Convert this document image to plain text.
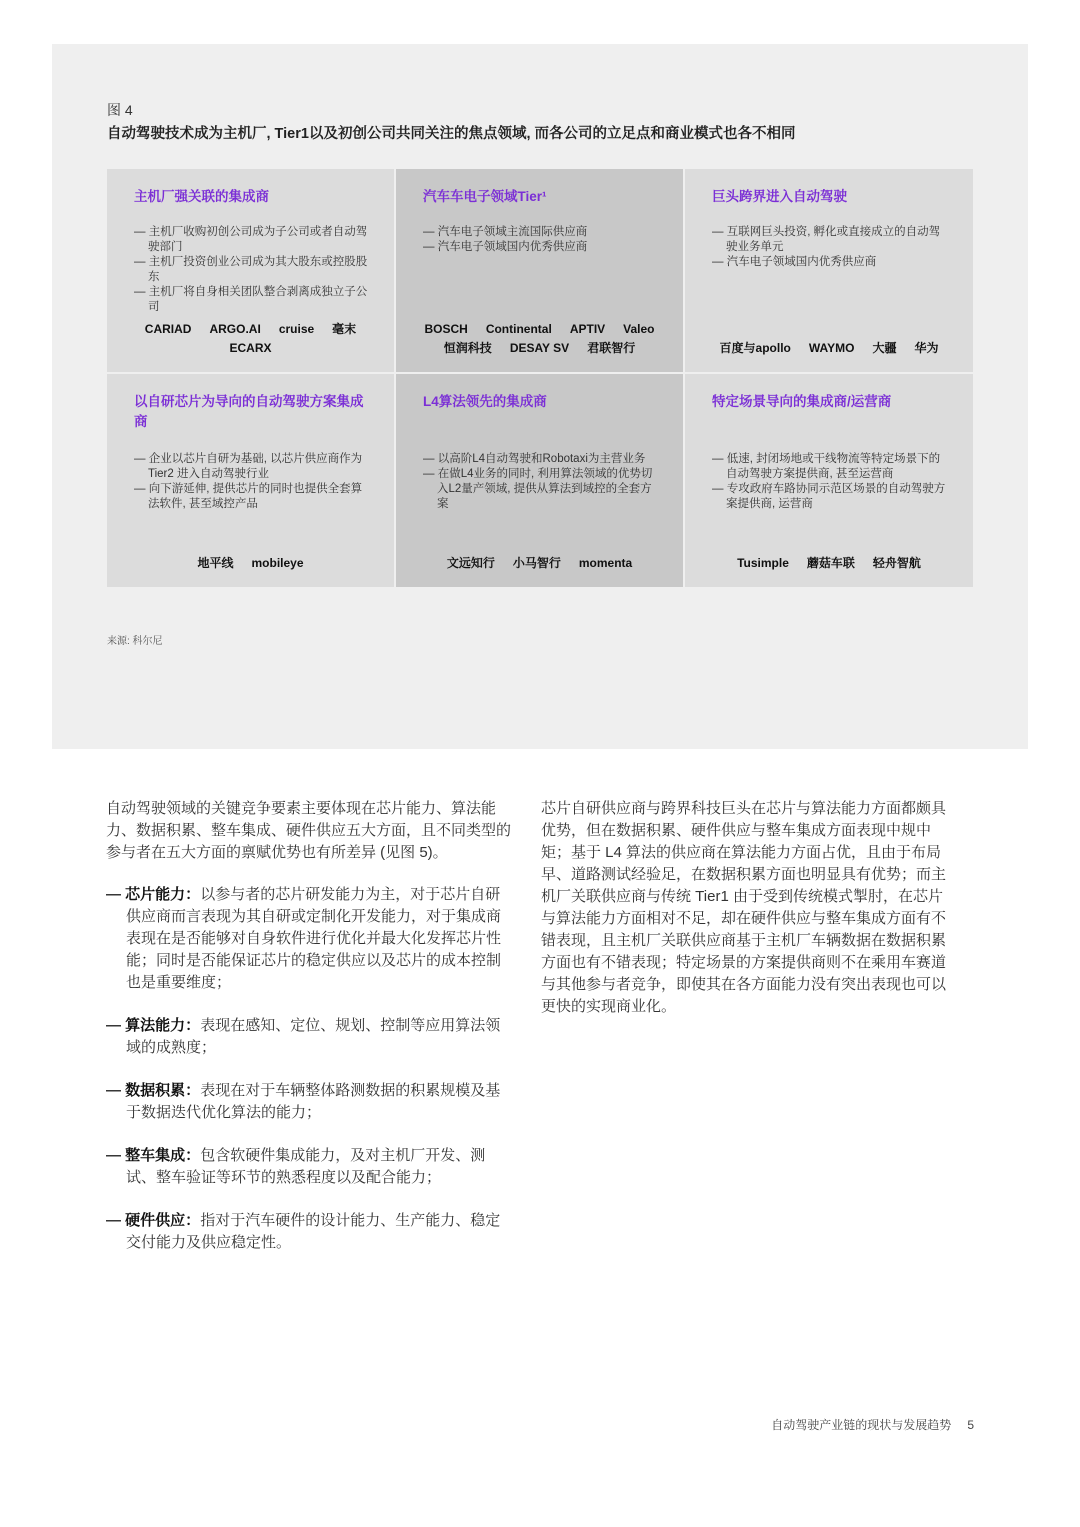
图 4
自动驾驶技术成为主机厂, Tier1以及初创公司共同关注的焦点领域, 而各公司的立足点和商业模式也各不相同
主机厂强关联的集成商
— 主机厂收购初创公司成为子公司或者自动驾驶部门
— 主机厂投资创业公司成为其大股东或控股股东
— 主机厂将自身相关团队整合剥离成独立子公司
CARIAD ARGO.AI cruise 毫末ECARX
汽车车电子领域Tier¹
— 汽车电子领域主流国际供应商
— 汽车电子领域国内优秀供应商
BOSCH Continental APTIV Valeo
恒润科技 DESAY SV 君联智行
巨头跨界进入自动驾驶
— 互联网巨头投资, 孵化或直接成立的自动驾驶业务单元
— 汽车电子领域国内优秀供应商
百度与apollo WAYMO 大疆 华为
以自研芯片为导向的自动驾驶方案集成商
— 企业以芯片自研为基础, 以芯片供应商作为Tier2 进入自动驾驶行业
— 向下游延伸, 提供芯片的同时也提供全套算法软件, 甚至域控产品
地平线 mobileye
L4算法领先的集成商
— 以高阶L4自动驾驶和Robotaxi为主营业务
— 在做L4业务的同时, 利用算法领域的优势切入L2量产领域, 提供从算法到域控的全套方案
文远知行 小马智行 momenta
特定场景导向的集成商/运营商
— 低速, 封闭场地或干线物流等特定场景下的自动驾驶方案提供商, 甚至运营商
— 专攻政府车路协同示范区场景的自动驾驶方案提供商, 运营商
Tusimple 蘑菇车联 轻舟智航
来源: 科尔尼

自动驾驶领域的关键竞争要素主要体现在芯片能力、算法能力、数据积累、整车集成、硬件供应五大方面，且不同类型的参与者在五大方面的禀赋优势也有所差异 (见图 5)。

— 芯片能力：以参与者的芯片研发能力为主，对于芯片自研供应商而言表现为其自研或定制化开发能力，对于集成商表现在是否能够对自身软件进行优化并最大化发挥芯片性能；同时是否能保证芯片的稳定供应以及芯片的成本控制也是重要维度；
— 算法能力：表现在感知、定位、规划、控制等应用算法领域的成熟度；
— 数据积累：表现在对于车辆整体路测数据的积累规模及基于数据迭代优化算法的能力；
— 整车集成：包含软硬件集成能力，及对主机厂开发、测试、整车验证等环节的熟悉程度以及配合能力；
— 硬件供应：指对于汽车硬件的设计能力、生产能力、稳定交付能力及供应稳定性。

芯片自研供应商与跨界科技巨头在芯片与算法能力方面都颇具优势，但在数据积累、硬件供应与整车集成方面表现中规中矩；基于 L4 算法的供应商在算法能力方面占优，且由于布局早、道路测试经验足，在数据积累方面也明显具有优势；而主机厂关联供应商与传统 Tier1 由于受到传统模式掣肘，在芯片与算法能力方面相对不足，却在硬件供应与整车集成方面有不错表现，且主机厂关联供应商基于主机厂车辆数据在数据积累方面也有不错表现；特定场景的方案提供商则不在乘用车赛道与其他参与者竞争，即使其在各方面能力没有突出表现也可以更快的实现商业化。

自动驾驶产业链的现状与发展趋势 5
